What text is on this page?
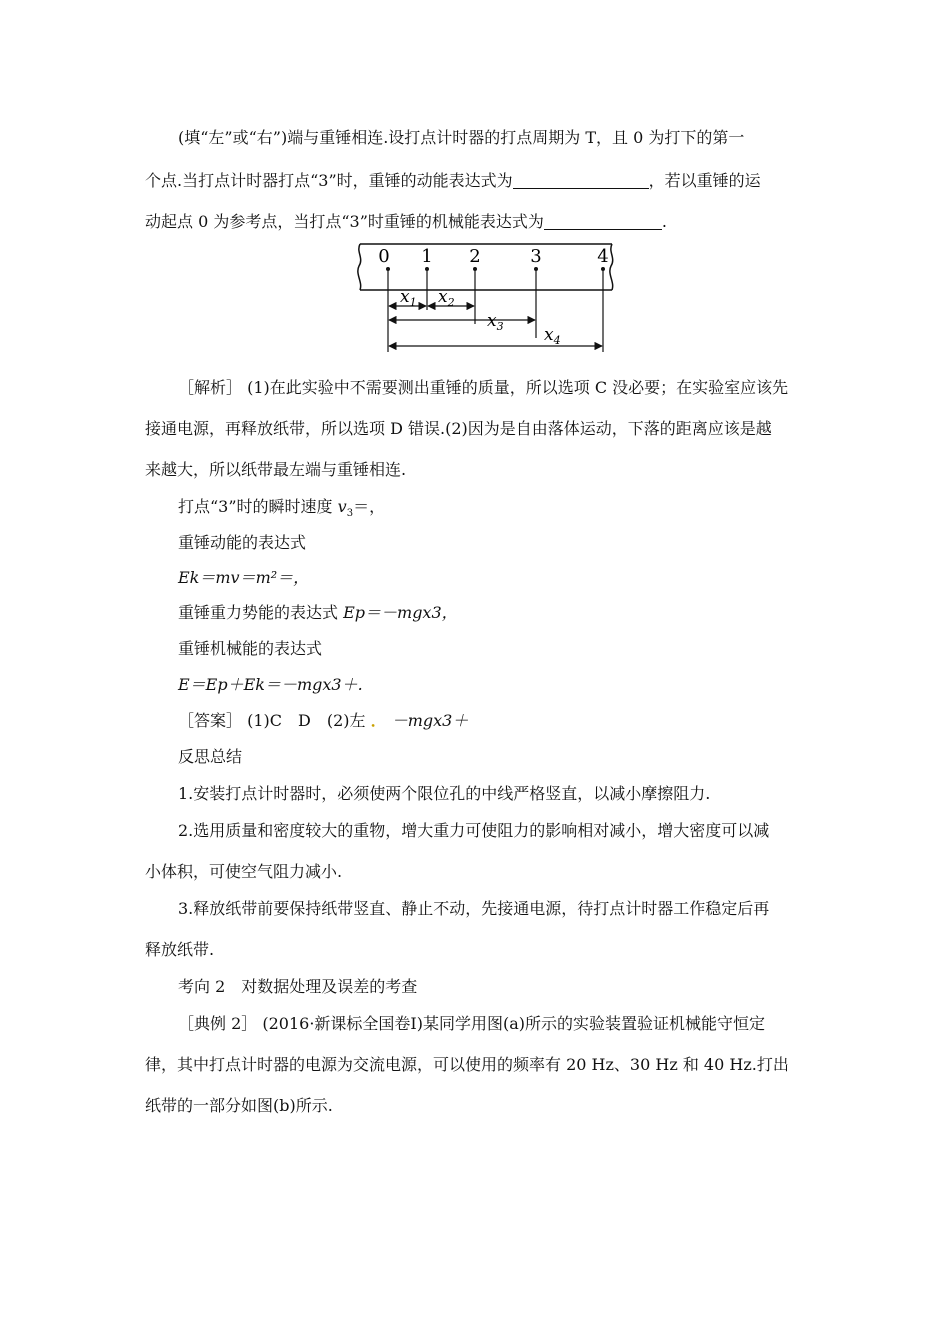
(填“左”或“右”)端与重锤相连.设打点计时器的打点周期为 T，且 0 为打下的第一
个点.当打点计时器打点“3”时，重锤的动能表达式为	，若以重锤的运
动起点 0 为参考点，当打点“3”时重锤的机械能表达式为	.
0 1 2	3	4
$x_1$ $x_2$
$x_3$ $x_4$
［解析］ (1)在此实验中不需要测出重锤的质量，所以选项 C 没必要；在实验室应该先
接通电源，再释放纸带，所以选项 D 错误.(2)因为是自由落体运动，下落的距离应该是越
来越大，所以纸带最左端与重锤相连.
打点“3”时的瞬时速度 $v_3=$，
重锤动能的表达式
Ek＝mv＝m²＝，
重锤重力势能的表达式 Ep＝－mgx3，
重锤机械能的表达式
E＝Ep＋Ek＝－mgx3＋.
［答案］ (1)C　D　(2)左 ． －mgx3＋
反思总结
1.安装打点计时器时，必须使两个限位孔的中线严格竖直，以减小摩擦阻力.
2.选用质量和密度较大的重物，增大重力可使阻力的影响相对减小，增大密度可以减
小体积，可使空气阻力减小.
3.释放纸带前要保持纸带竖直、静止不动，先接通电源，待打点计时器工作稳定后再
释放纸带.
考向 2　对数据处理及误差的考查
［典例 2］ (2016·新课标全国卷Ⅰ)某同学用图(a)所示的实验装置验证机械能守恒定
律，其中打点计时器的电源为交流电源，可以使用的频率有 20 Hz、30 Hz 和 40 Hz.打出
纸带的一部分如图(b)所示.
